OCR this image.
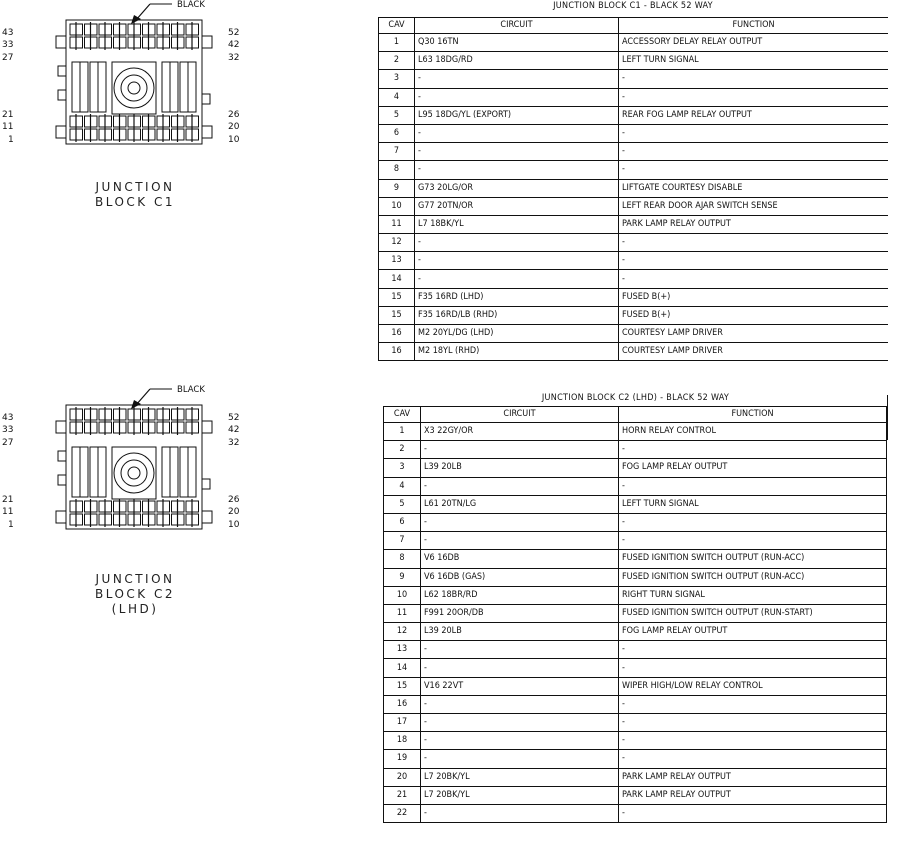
BLACK
43
33
27
21
11
1
52
42
32
26
20
10
JUNCTION
BLOCK C1
BLACK
43
33
27
21
11
1
52
42
32
26
20
10
JUNCTION
BLOCK C2
(LHD)
JUNCTION BLOCK C1 - BLACK 52 WAY
CAV	CIRCUIT	FUNCTION
1	Q30 16TN	ACCESSORY DELAY RELAY OUTPUT
2	L63 18DG/RD	LEFT TURN SIGNAL
3	-	-
4	-	-
5	L95 18DG/YL (EXPORT)	REAR FOG LAMP RELAY OUTPUT
6	-	-
7	-	-
8	-	-
9	G73 20LG/OR	LIFTGATE COURTESY DISABLE
10	G77 20TN/OR	LEFT REAR DOOR AJAR SWITCH SENSE
11	L7 18BK/YL	PARK LAMP RELAY OUTPUT
12	-	-
13	-	-
14	-	-
15	F35 16RD (LHD)	FUSED B(+)
15	F35 16RD/LB (RHD)	FUSED B(+)
16	M2 20YL/DG (LHD)	COURTESY LAMP DRIVER
16	M2 18YL (RHD)	COURTESY LAMP DRIVER
JUNCTION BLOCK C2 (LHD) - BLACK 52 WAY
CAV	CIRCUIT	FUNCTION
1	X3 22GY/OR	HORN RELAY CONTROL
2	-	-
3	L39 20LB	FOG LAMP RELAY OUTPUT
4	-	-
5	L61 20TN/LG	LEFT TURN SIGNAL
6	-	-
7	-	-
8	V6 16DB	FUSED IGNITION SWITCH OUTPUT (RUN-ACC)
9	V6 16DB (GAS)	FUSED IGNITION SWITCH OUTPUT (RUN-ACC)
10	L62 18BR/RD	RIGHT TURN SIGNAL
11	F991 20OR/DB	FUSED IGNITION SWITCH OUTPUT (RUN-START)
12	L39 20LB	FOG LAMP RELAY OUTPUT
13	-	-
14	-	-
15	V16 22VT	WIPER HIGH/LOW RELAY CONTROL
16	-	-
17	-	-
18	-	-
19	-	-
20	L7 20BK/YL	PARK LAMP RELAY OUTPUT
21	L7 20BK/YL	PARK LAMP RELAY OUTPUT
22	-	-
